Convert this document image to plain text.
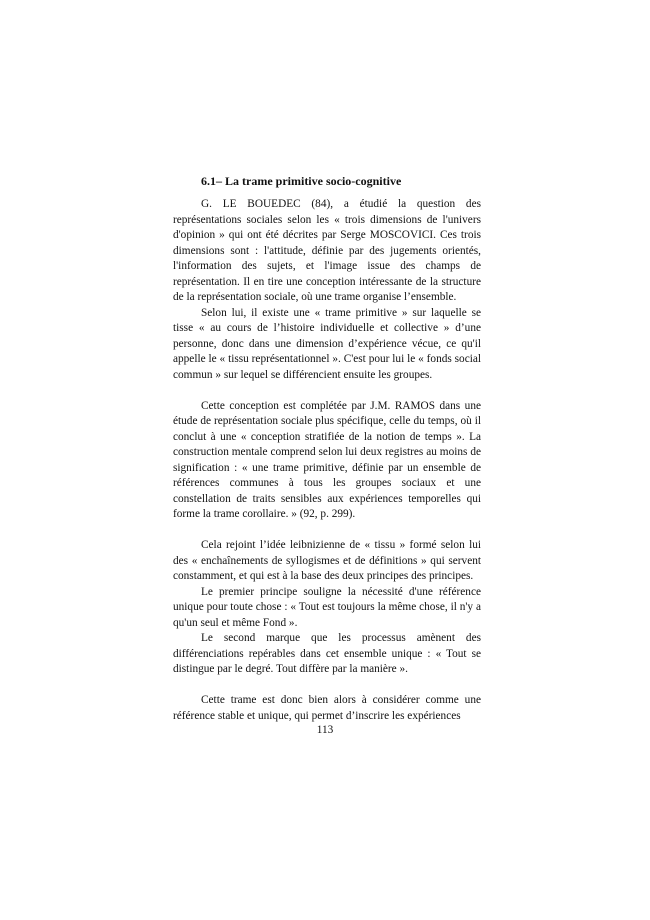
6.1– La trame primitive socio-cognitive

G. LE BOUEDEC (84), a étudié la question des représentations sociales selon les « trois dimensions de l'univers d'opinion » qui ont été décrites par Serge MOSCOVICI. Ces trois dimensions sont : l'attitude, définie par des jugements orientés, l'information des sujets, et l'image issue des champs de représentation. Il en tire une conception intéressante de la structure de la représentation sociale, où une trame organise l’ensemble.

Selon lui, il existe une « trame primitive » sur laquelle se tisse « au cours de l’histoire individuelle et collective » d’une personne, donc dans une dimension d’expérience vécue, ce qu'il appelle le « tissu représentationnel ». C'est pour lui le « fonds social commun » sur lequel se différencient ensuite les groupes.

Cette conception est complétée par J.M. RAMOS dans une étude de représentation sociale plus spécifique, celle du temps, où il conclut à une « conception stratifiée de la notion de temps ». La construction mentale comprend selon lui deux registres au moins de signification : « une trame primitive, définie par un ensemble de références communes à tous les groupes sociaux et une constellation de traits sensibles aux expériences temporelles qui forme la trame corollaire. » (92, p. 299).

Cela rejoint l’idée leibnizienne de « tissu » formé selon lui des « enchaînements de syllogismes et de définitions » qui servent constamment, et qui est à la base des deux principes des principes.

Le premier principe souligne la nécessité d'une référence unique pour toute chose : « Tout est toujours la même chose, il n'y a qu'un seul et même Fond ».

Le second marque que les processus amènent des différenciations repérables dans cet ensemble unique : « Tout se distingue par le degré. Tout diffère par la manière ».

Cette trame est donc bien alors à considérer comme une référence stable et unique, qui permet d’inscrire les expériences

113
